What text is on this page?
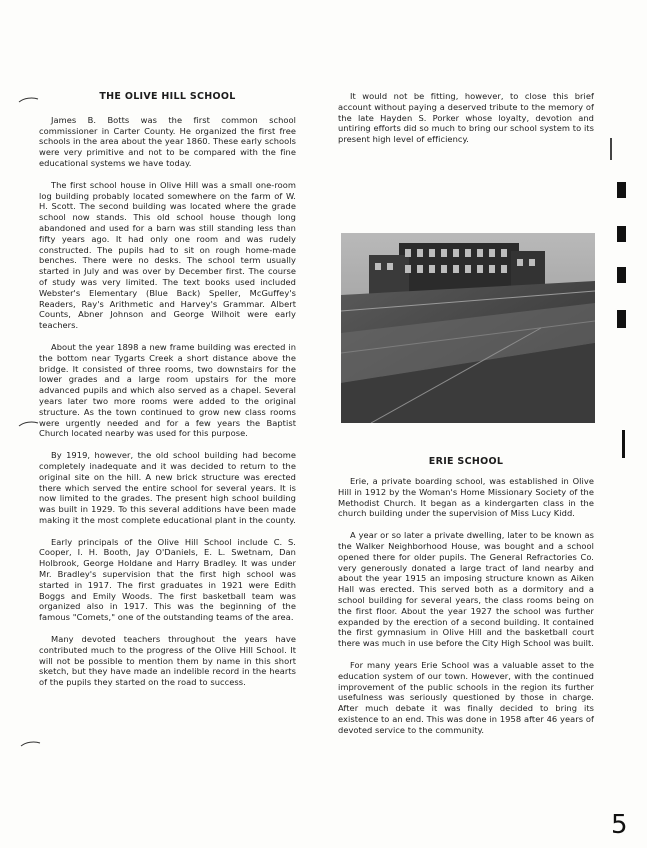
THE OLIVE HILL SCHOOL

James B. Botts was the first common school commissioner in Carter County. He organized the first free schools in the area about the year 1860. These early schools were very primitive and not to be compared with the fine educational systems we have today.

The first school house in Olive Hill was a small one-room log building probably located somewhere on the farm of W. H. Scott. The second building was located where the grade school now stands. This old school house though long abandoned and used for a barn was still standing less than fifty years ago. It had only one room and was rudely constructed. The pupils had to sit on rough home-made benches. There were no desks. The school term usually started in July and was over by December first. The course of study was very limited. The text books used included Webster's Elementary (Blue Back) Speller, McGuffey's Readers, Ray's Arithmetic and Harvey's Grammar. Albert Counts, Abner Johnson and George Wilhoit were early teachers.

About the year 1898 a new frame building was erected in the bottom near Tygarts Creek a short distance above the bridge. It consisted of three rooms, two downstairs for the lower grades and a large room upstairs for the more advanced pupils and which also served as a chapel. Several years later two more rooms were added to the original structure. As the town continued to grow new class rooms were urgently needed and for a few years the Baptist Church located nearby was used for this purpose.

By 1919, however, the old school building had become completely inadequate and it was decided to return to the original site on the hill. A new brick structure was erected there which served the entire school for several years. It is now limited to the grades. The present high school building was built in 1929. To this several additions have been made making it the most complete educational plant in the county.

Early principals of the Olive Hill School include C. S. Cooper, I. H. Booth, Jay O'Daniels, E. L. Swetnam, Dan Holbrook, George Holdane and Harry Bradley. It was under Mr. Bradley's supervision that the first high school was started in 1917. The first graduates in 1921 were Edith Boggs and Emily Woods. The first basketball team was organized also in 1917. This was the beginning of the famous "Comets," one of the outstanding teams of the area.

Many devoted teachers throughout the years have contributed much to the progress of the Olive Hill School. It will not be possible to mention them by name in this short sketch, but they have made an indelible record in the hearts of the pupils they started on the road to success.

It would not be fitting, however, to close this brief account without paying a deserved tribute to the memory of the late Hayden S. Porker whose loyalty, devotion and untiring efforts did so much to bring our school system to its present high level of efficiency.

ERIE SCHOOL

Erie, a private boarding school, was established in Olive Hill in 1912 by the Woman's Home Missionary Society of the Methodist Church. It began as a kindergarten class in the church building under the supervision of Miss Lucy Kidd.

A year or so later a private dwelling, later to be known as the Walker Neighborhood House, was bought and a school opened there for older pupils. The General Refractories Co. very generously donated a large tract of land nearby and about the year 1915 an imposing structure known as Aiken Hall was erected. This served both as a dormitory and a school building for several years, the class rooms being on the first floor. About the year 1927 the school was further expanded by the erection of a second building. It contained the first gymnasium in Olive Hill and the basketball court there was much in use before the City High School was built.

For many years Erie School was a valuable asset to the education system of our town. However, with the continued improvement of the public schools in the region its further usefulness was seriously questioned by those in charge. After much debate it was finally decided to bring its existence to an end. This was done in 1958 after 46 years of devoted service to the community.

5
